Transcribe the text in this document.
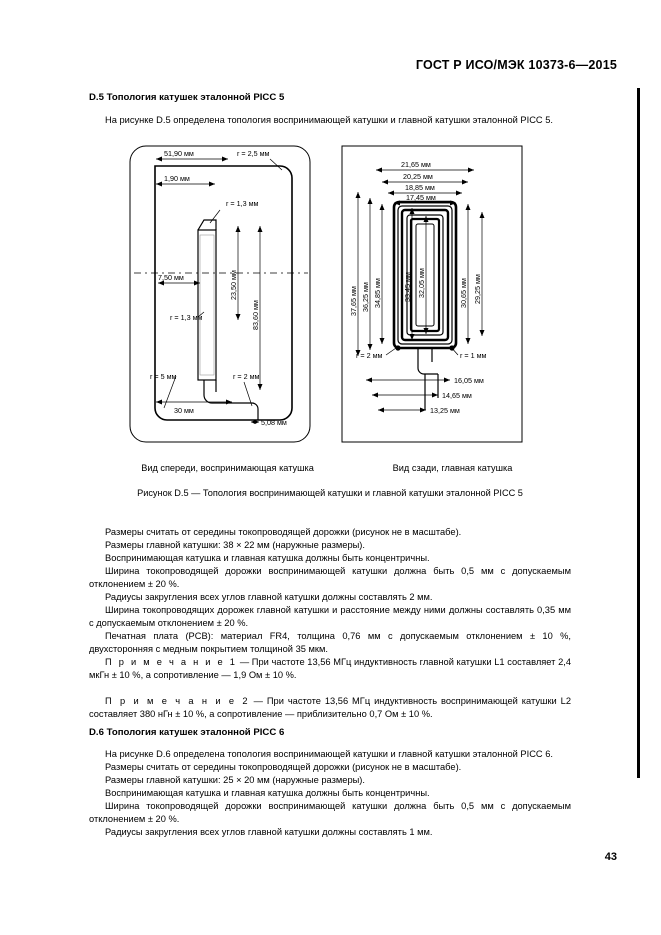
ГОСТ Р ИСО/МЭК 10373-6—2015
D.5 Топология катушек эталонной PICC 5
На рисунке D.5 определена топология воспринимающей катушки и главной катушки эталонной PICC 5.
51,90 мм	r = 2,5 мм
1,90 мм
r = 1,3 мм
23,50 мм
83,60 мм
7,50 мм
r = 1,3 мм
r = 5 мм	r = 2 мм
30 мм
5,08 мм
21,65 мм
20,25 мм
18,85 мм
17,45 мм
37,65 мм 36,25 мм 34,85 мм	33,45 мм 32,05 мм	30,65 мм 29,25 мм
r = 2 мм	r = 1 мм
16,05 мм
14,65 мм
13,25 мм
Вид спереди, воспринимающая катушка	Вид сзади, главная катушка
Рисунок D.5 — Топология воспринимающей катушки и главной катушки эталонной PICC 5
Размеры считать от середины токопроводящей дорожки (рисунок не в масштабе).
Размеры главной катушки: 38 × 22 мм (наружные размеры).
Воспринимающая катушка и главная катушка должны быть концентричны.
Ширина токопроводящей дорожки воспринимающей катушки должна быть 0,5 мм с допускаемым отклонением ± 20 %.
Радиусы закругления всех углов главной катушки должны составлять 2 мм.
Ширина токопроводящих дорожек главной катушки и расстояние между ними должны составлять 0,35 мм с допускаемым отклонением ± 20 %.
Печатная плата (PCB): материал FR4, толщина 0,76 мм с допускаемым отклонением ± 10 %, двухсторонняя с медным покрытием толщиной 35 мкм.
П р и м е ч а н и е 1 — При частоте 13,56 МГц индуктивность главной катушки L1 составляет 2,4 мкГн ± 10 %, а сопротивление — 1,9 Ом ± 10 %.
П р и м е ч а н и е 2 — При частоте 13,56 МГц индуктивность воспринимающей катушки L2 составляет 380 нГн ± 10 %, а сопротивление — приблизительно 0,7 Ом ± 10 %.
D.6 Топология катушек эталонной PICC 6
На рисунке D.6 определена топология воспринимающей катушки и главной катушки эталонной PICC 6.
Размеры считать от середины токопроводящей дорожки (рисунок не в масштабе).
Размеры главной катушки: 25 × 20 мм (наружные размеры).
Воспринимающая катушка и главная катушка должны быть концентричны.
Ширина токопроводящей дорожки воспринимающей катушки должна быть 0,5 мм с допускаемым отклонением ± 20 %.
Радиусы закругления всех углов главной катушки должны составлять 1 мм.
43
